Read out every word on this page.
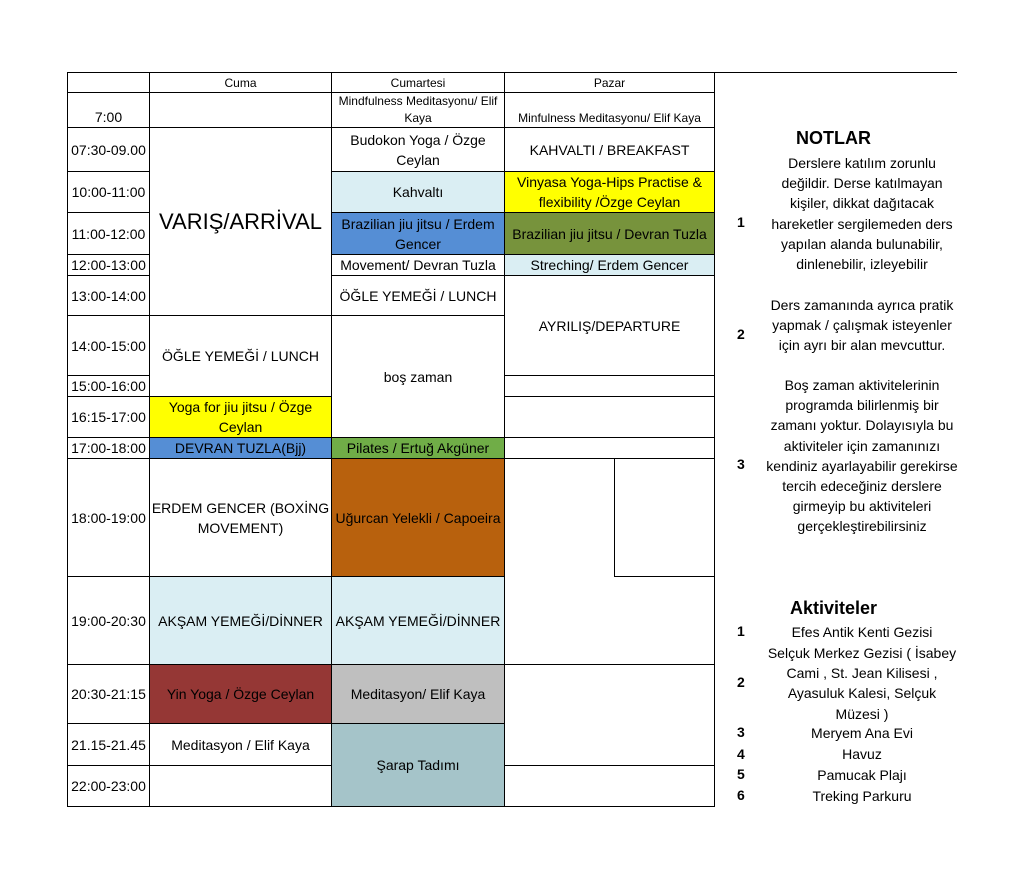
	Cuma	Cumartesi	Pazar
7:00		Mindfulness Meditasyonu/ Elif Kaya	Minfulness Meditasyonu/ Elif Kaya
07:30-09.00	VARIŞ/ARRİVAL	Budokon Yoga / Özge Ceylan	KAHVALTI / BREAKFAST
10:00-11:00		Kahvaltı	Vinyasa Yoga-Hips Practise & flexibility /Özge Ceylan
11:00-12:00		Brazilian jiu jitsu / Erdem Gencer	Brazilian jiu jitsu / Devran Tuzla
12:00-13:00		Movement/ Devran Tuzla	Streching/ Erdem Gencer
13:00-14:00		ÖĞLE YEMEĞİ / LUNCH	AYRILIŞ/DEPARTURE
14:00-15:00	ÖĞLE YEMEĞİ / LUNCH	boş zaman	
15:00-16:00			
16:15-17:00	Yoga for jiu jitsu / Özge Ceylan		
17:00-18:00	DEVRAN TUZLA(Bjj)	Pilates / Ertuğ Akgüner	
18:00-19:00	ERDEM GENCER (BOXİNG MOVEMENT)	Uğurcan Yelekli / Capoeira	
19:00-20:30	AKŞAM YEMEĞİ/DİNNER	AKŞAM YEMEĞİ/DİNNER	
20:30-21:15	Yin Yoga / Özge Ceylan	Meditasyon/ Elif Kaya	
21.15-21.45	Meditasyon / Elif Kaya	Şarap Tadımı	
22:00-23:00			
NOTLAR
1
Derslere katılım zorunlu değildir. Derse katılmayan kişiler, dikkat dağıtacak hareketler sergilemeden ders yapılan alanda bulunabilir, dinlenebilir, izleyebilir
2
Ders zamanında ayrıca pratik yapmak / çalışmak isteyenler için ayrı bir alan mevcuttur.
3
Boş zaman aktivitelerinin programda bilirlenmiş bir zamanı yoktur. Dolayısıyla bu aktiviteler için zamanınızı kendiniz ayarlayabilir gerekirse tercih edeceğiniz derslere girmeyip bu aktiviteleri gerçekleştirebilirsiniz
Aktiviteler
1	Efes Antik Kenti Gezisi
2
Selçuk Merkez Gezisi ( İsabey Cami , St. Jean Kilisesi , Ayasuluk Kalesi, Selçuk Müzesi )
3	Meryem Ana Evi
4	Havuz
5	Pamucak Plajı
6	Treking Parkuru
